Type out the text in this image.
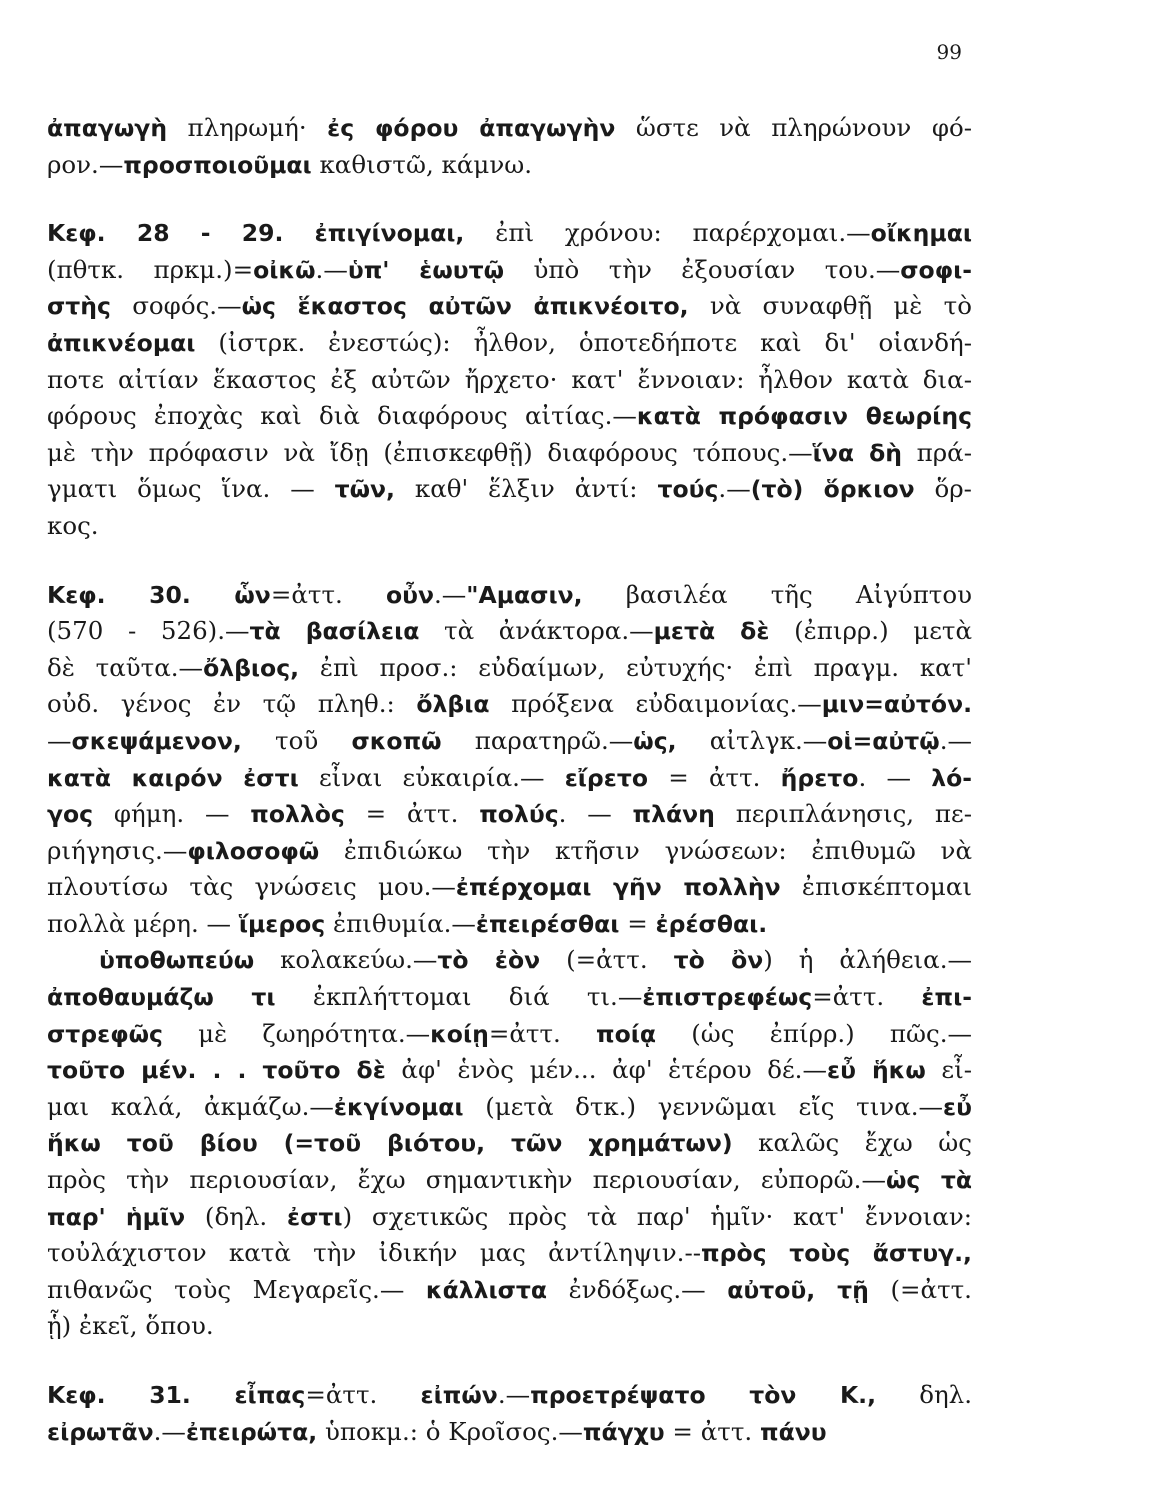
99
ἀπαγωγὴ πληρωμή· ἐς φόρου ἀπαγωγὴν ὥστε νὰ πληρώνουν φό-
ρον.—προσποιοῦμαι καθιστῶ, κάμνω.
Κεφ. 28 - 29. ἐπιγίνομαι, ἐπὶ χρόνου: παρέρχομαι.—οἴκημαι
(πθτκ. πρκμ.)=οἰκῶ.—ὑπ' ἑωυτῷ ὑπὸ τὴν ἐξουσίαν του.—σοφι-
στὴς σοφός.—ὡς ἕκαστος αὐτῶν ἀπικνέοιτο, νὰ συναφθῇ μὲ τὸ
ἀπικνέομαι (ἰστρκ. ἐνεστώς): ἦλθον, ὁποτεδήποτε καὶ δι' οἱανδή-
ποτε αἰτίαν ἕκαστος ἐξ αὐτῶν ἤρχετο· κατ' ἔννοιαν: ἦλθον κατὰ δια-
φόρους ἐποχὰς καὶ διὰ διαφόρους αἰτίας.—κατὰ πρόφασιν θεωρίης
μὲ τὴν πρόφασιν νὰ ἴδῃ (ἐπισκεφθῇ) διαφόρους τόπους.—ἵνα δὴ πρά-
γματι ὅμως ἵνα. — τῶν, καθ' ἕλξιν ἀντί: τούς.—(τὸ) ὅρκιον ὅρ-
κος.
Κεφ. 30. ὧν=ἀττ. οὖν.—"Αμασιν, βασιλέα τῆς Αἰγύπτου
(570 - 526).—τὰ βασίλεια τὰ ἀνάκτορα.—μετὰ δὲ (ἐπιρρ.) μετὰ
δὲ ταῦτα.—ὄλβιος, ἐπὶ προσ.: εὐδαίμων, εὐτυχής· ἐπὶ πραγμ. κατ'
οὐδ. γένος ἐν τῷ πληθ.: ὄλβια πρόξενα εὐδαιμονίας.—μιν=αὐτόν.
—σκεψάμενον, τοῦ σκοπῶ παρατηρῶ.—ὡς, αἰτλγκ.—οἱ=αὐτῷ.—
κατὰ καιρόν ἐστι εἶναι εὐκαιρία.— εἴρετο = ἀττ. ἤρετο. — λό-
γος φήμη. — πολλὸς = ἀττ. πολύς. — πλάνη περιπλάνησις, πε-
ριήγησις.—φιλοσοφῶ ἐπιδιώκω τὴν κτῆσιν γνώσεων: ἐπιθυμῶ νὰ
πλουτίσω τὰς γνώσεις μου.—ἐπέρχομαι γῆν πολλὴν ἐπισκέπτομαι
πολλὰ μέρη. — ἵμερος ἐπιθυμία.—ἐπειρέσθαι = ἐρέσθαι.
ὑποθωπεύω κολακεύω.—τὸ ἐὸν (=ἀττ. τὸ ὂν) ἡ ἀλήθεια.—
ἀποθαυμάζω τι ἐκπλήττομαι διά τι.—ἐπιστρεφέως=ἀττ. ἐπι-
στρεφῶς μὲ ζωηρότητα.—κοίῃ=ἀττ. ποίᾳ (ὡς ἐπίρρ.) πῶς.—
τοῦτο μέν. . . τοῦτο δὲ ἀφ' ἑνὸς μέν... ἀφ' ἑτέρου δέ.—εὖ ἥκω εἶ-
μαι καλά, ἀκμάζω.—ἐκγίνομαι (μετὰ δτκ.) γεννῶμαι εἴς τινα.—εὖ
ἥκω τοῦ βίου (=τοῦ βιότου, τῶν χρημάτων) καλῶς ἔχω ὡς
πρὸς τὴν περιουσίαν, ἔχω σημαντικὴν περιουσίαν, εὐπορῶ.—ὡς τὰ
παρ' ἡμῖν (δηλ. ἐστι) σχετικῶς πρὸς τὰ παρ' ἡμῖν· κατ' ἔννοιαν:
τοὐλάχιστον κατὰ τὴν ἰδικήν μας ἀντίληψιν.--πρὸς τοὺς ἄστυγ.,
πιθανῶς τοὺς Μεγαρεῖς.— κάλλιστα ἐνδόξως.— αὐτοῦ, τῇ (=ἀττ.
ᾗ) ἐκεῖ, ὅπου.
Κεφ. 31. εἶπας=ἀττ. εἰπών.—προετρέψατο τὸν Κ., δηλ.
εἰρωτᾶν.—ἐπειρώτα, ὑποκμ.: ὁ Κροῖσος.—πάγχυ = ἀττ. πάνυ
